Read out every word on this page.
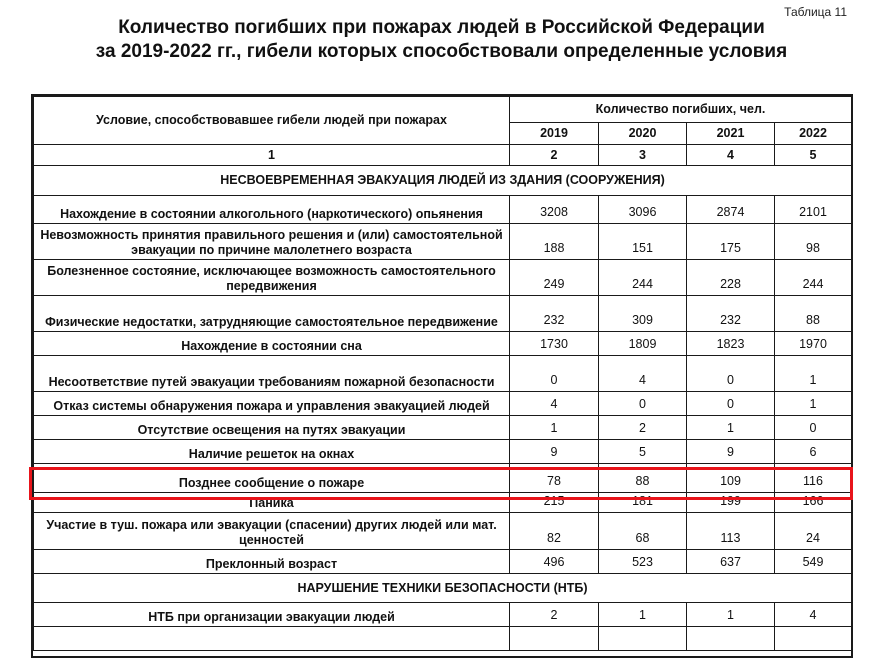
Таблица 11
Количество погибших при пожарах людей в Российской Федерации
за 2019-2022 гг., гибели которых способствовали определенные условия
Условие, способствовавшее гибели людей при пожарах	Количество погибших, чел.			
	2019	2020	2021	2022
1	2	3	4	5
НЕСВОЕВРЕМЕННАЯ ЭВАКУАЦИЯ ЛЮДЕЙ ИЗ ЗДАНИЯ (СООРУЖЕНИЯ)				
Нахождение в состоянии алкогольного (наркотического) опьянения	3208	3096	2874	2101
Невозможность принятия правильного решения и (или) самостоятельной эвакуации по причине малолетнего возраста	188	151	175	98
Болезненное состояние, исключающее возможность самостоятельного передвижения	249	244	228	244
Физические недостатки, затрудняющие самостоятельное передвижение	232	309	232	88
Нахождение в состоянии сна	1730	1809	1823	1970
Несоответствие путей эвакуации требованиям пожарной безопасности	0	4	0	1
Отказ системы обнаружения пожара и управления эвакуацией людей	4	0	0	1
Отсутствие освещения на путях эвакуации	1	2	1	0
Наличие решеток на окнах	9	5	9	6
Позднее сообщение о пожаре	78	88	109	116
Паника	215	181	199	166
Участие в туш. пожара или эвакуации (спасении) других людей или мат. ценностей	82	68	113	24
Преклонный возраст	496	523	637	549
НАРУШЕНИЕ ТЕХНИКИ БЕЗОПАСНОСТИ (НТБ)				
НТБ при организации эвакуации людей	2	1	1	4
